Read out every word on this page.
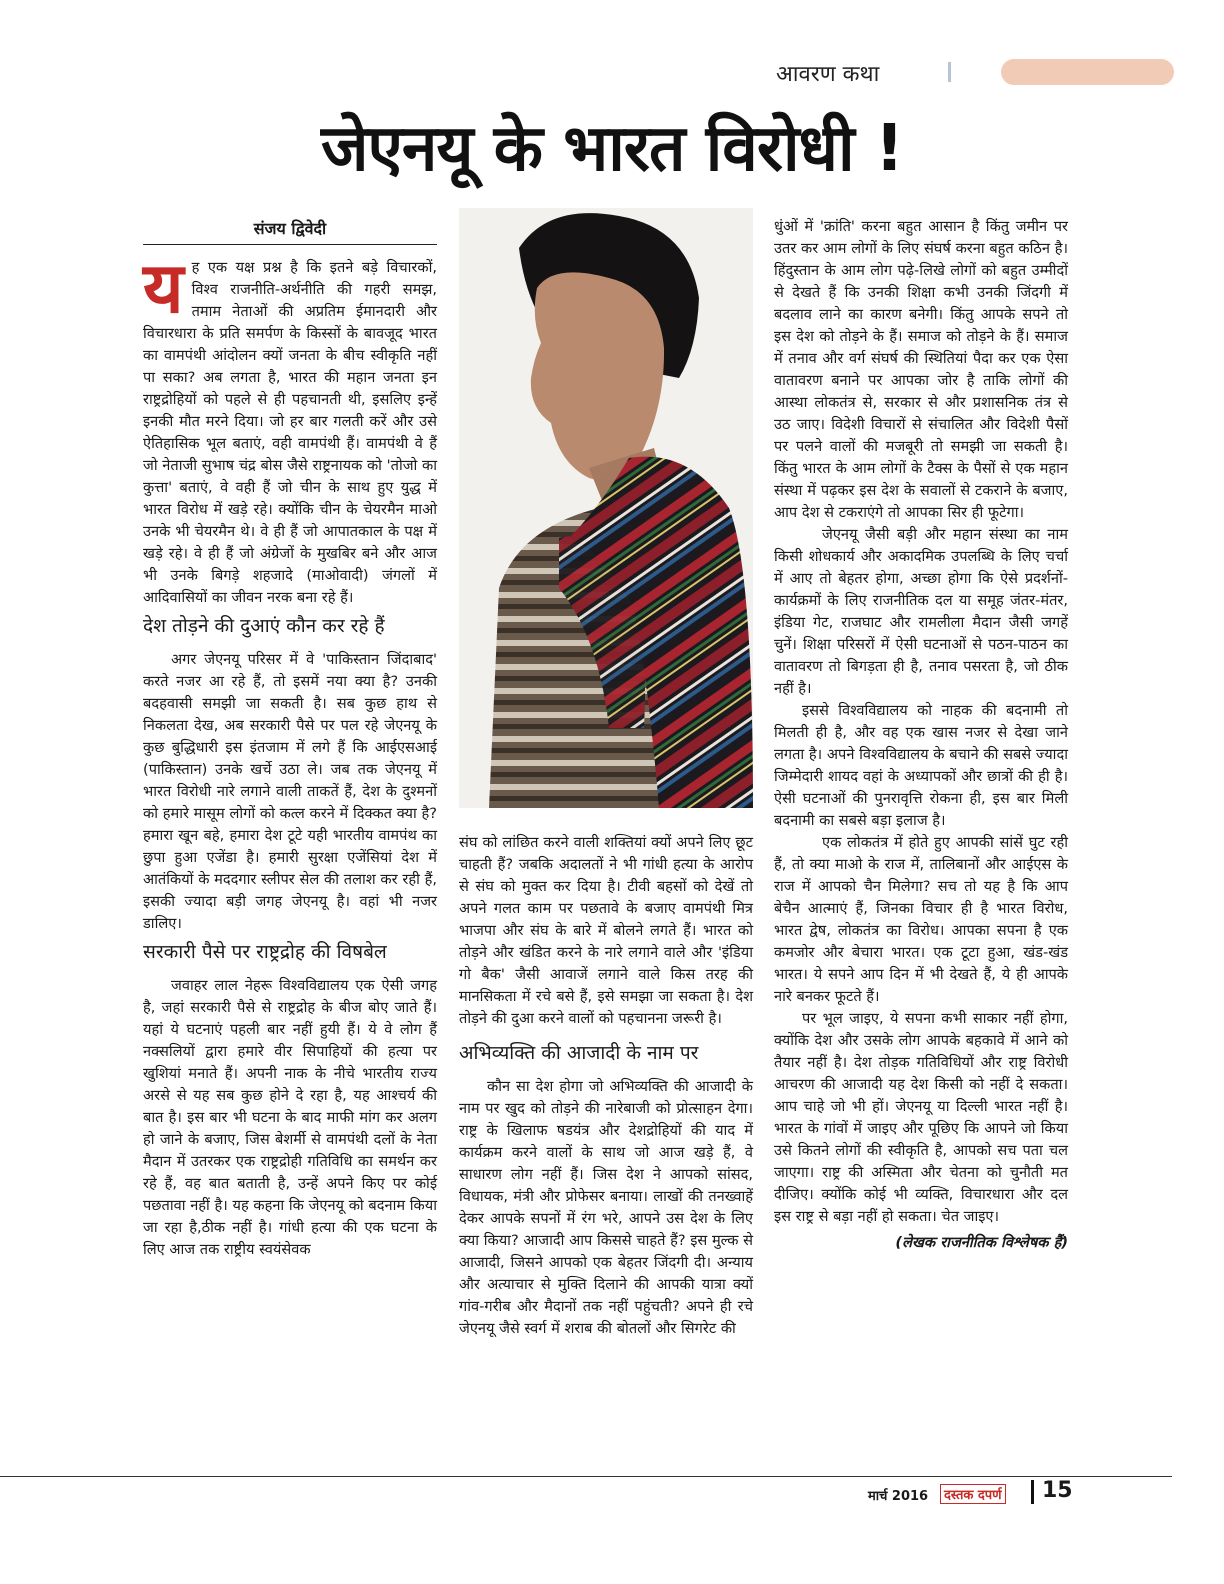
आवरण कथा
जेएनयू के भारत विरोधी !
संजय द्विवेदी

यह एक यक्ष प्रश्न है कि इतने बड़े विचारकों, विश्व राजनीति-अर्थनीति की गहरी समझ, तमाम नेताओं की अप्रतिम ईमानदारी और विचारधारा के प्रति समर्पण के किस्सों के बावजूद भारत का वामपंथी आंदोलन क्यों जनता के बीच स्वीकृति नहीं पा सका? अब लगता है, भारत की महान जनता इन राष्ट्रद्रोहियों को पहले से ही पहचानती थी, इसलिए इन्हें इनकी मौत मरने दिया। जो हर बार गलती करें और उसे ऐतिहासिक भूल बताएं, वही वामपंथी हैं। वामपंथी वे हैं जो नेताजी सुभाष चंद्र बोस जैसे राष्ट्रनायक को 'तोजो का कुत्ता' बताएं, वे वही हैं जो चीन के साथ हुए युद्ध में भारत विरोध में खड़े रहे। क्योंकि चीन के चेयरमैन माओ उनके भी चेयरमैन थे। वे ही हैं जो आपातकाल के पक्ष में खड़े रहे। वे ही हैं जो अंग्रेजों के मुखबिर बने और आज भी उनके बिगड़े शहजादे (माओवादी) जंगलों में आदिवासियों का जीवन नरक बना रहे हैं।

देश तोड़ने की दुआएं कौन कर रहे हैं

अगर जेएनयू परिसर में वे 'पाकिस्तान जिंदाबाद' करते नजर आ रहे हैं, तो इसमें नया क्या है? उनकी बदहवासी समझी जा सकती है। सब कुछ हाथ से निकलता देख, अब सरकारी पैसे पर पल रहे जेएनयू के कुछ बुद्धिधारी इस इंतजाम में लगे हैं कि आईएसआई (पाकिस्तान) उनके खर्चे उठा ले। जब तक जेएनयू में भारत विरोधी नारे लगाने वाली ताकतें हैं, देश के दुश्मनों को हमारे मासूम लोगों को कत्ल करने में दिक्कत क्या है? हमारा खून बहे, हमारा देश टूटे यही भारतीय वामपंथ का छुपा हुआ एजेंडा है। हमारी सुरक्षा एजेंसियां देश में आतंकियों के मददगार स्लीपर सेल की तलाश कर रही हैं, इसकी ज्यादा बड़ी जगह जेएनयू है। वहां भी नजर डालिए।

सरकारी पैसे पर राष्ट्रद्रोह की विषबेल

जवाहर लाल नेहरू विश्वविद्यालय एक ऐसी जगह है, जहां सरकारी पैसे से राष्ट्रद्रोह के बीज बोए जाते हैं। यहां ये घटनाएं पहली बार नहीं हुयी हैं। ये वे लोग हैं नक्सलियों द्वारा हमारे वीर सिपाहियों की हत्या पर खुशियां मनाते हैं। अपनी नाक के नीचे भारतीय राज्य अरसे से यह सब कुछ होने दे रहा है, यह आश्चर्य की बात है। इस बार भी घटना के बाद माफी मांग कर अलग हो जाने के बजाए, जिस बेशर्मी से वामपंथी दलों के नेता मैदान में उतरकर एक राष्ट्रद्रोही गतिविधि का समर्थन कर रहे हैं, वह बात बताती है, उन्हें अपने किए पर कोई पछतावा नहीं है। यह कहना कि जेएनयू को बदनाम किया जा रहा है,ठीक नहीं है। गांधी हत्या की एक घटना के लिए आज तक राष्ट्रीय स्वयंसेवक

संघ को लांछित करने वाली शक्तियां क्यों अपने लिए छूट चाहती हैं? जबकि अदालतों ने भी गांधी हत्या के आरोप से संघ को मुक्त कर दिया है। टीवी बहसों को देखें तो अपने गलत काम पर पछतावे के बजाए वामपंथी मित्र भाजपा और संघ के बारे में बोलने लगते हैं। भारत को तोड़ने और खंडित करने के नारे लगाने वाले और 'इंडिया गो बैक' जैसी आवाजें लगाने वाले किस तरह की मानसिकता में रचे बसे हैं, इसे समझा जा सकता है। देश तोड़ने की दुआ करने वालों को पहचानना जरूरी है।

अभिव्यक्ति की आजादी के नाम पर

कौन सा देश होगा जो अभिव्यक्ति की आजादी के नाम पर खुद को तोड़ने की नारेबाजी को प्रोत्साहन देगा। राष्ट्र के खिलाफ षडयंत्र और देशद्रोहियों की याद में कार्यक्रम करने वालों के साथ जो आज खड़े हैं, वे साधारण लोग नहीं हैं। जिस देश ने आपको सांसद, विधायक, मंत्री और प्रोफेसर बनाया। लाखों की तनख्वाहें देकर आपके सपनों में रंग भरे, आपने उस देश के लिए क्या किया? आजादी आप किससे चाहते हैं? इस मुल्क से आजादी, जिसने आपको एक बेहतर जिंदगी दी। अन्याय और अत्याचार से मुक्ति दिलाने की आपकी यात्रा क्यों गांव-गरीब और मैदानों तक नहीं पहुंचती? अपने ही रचे जेएनयू जैसे स्वर्ग में शराब की बोतलों और सिगरेट की

धुंओं में 'क्रांति' करना बहुत आसान है किंतु जमीन पर उतर कर आम लोगों के लिए संघर्ष करना बहुत कठिन है। हिंदुस्तान के आम लोग पढ़े-लिखे लोगों को बहुत उम्मीदों से देखते हैं कि उनकी शिक्षा कभी उनकी जिंदगी में बदलाव लाने का कारण बनेगी। किंतु आपके सपने तो इस देश को तोड़ने के हैं। समाज को तोड़ने के हैं। समाज में तनाव और वर्ग संघर्ष की स्थितियां पैदा कर एक ऐसा वातावरण बनाने पर आपका जोर है ताकि लोगों की आस्था लोकतंत्र से, सरकार से और प्रशासनिक तंत्र से उठ जाए। विदेशी विचारों से संचालित और विदेशी पैसों पर पलने वालों की मजबूरी तो समझी जा सकती है। किंतु भारत के आम लोगों के टैक्स के पैसों से एक महान संस्था में पढ़कर इस देश के सवालों से टकराने के बजाए, आप देश से टकराएंगे तो आपका सिर ही फूटेगा।

जेएनयू जैसी बड़ी और महान संस्था का नाम किसी शोधकार्य और अकादमिक उपलब्धि के लिए चर्चा में आए तो बेहतर होगा, अच्छा होगा कि ऐसे प्रदर्शनों-कार्यक्रमों के लिए राजनीतिक दल या समूह जंतर-मंतर, इंडिया गेट, राजघाट और रामलीला मैदान जैसी जगहें चुनें। शिक्षा परिसरों में ऐसी घटनाओं से पठन-पाठन का वातावरण तो बिगड़ता ही है, तनाव पसरता है, जो ठीक नहीं है।

इससे विश्वविद्यालय को नाहक की बदनामी तो मिलती ही है, और वह एक खास नजर से देखा जाने लगता है। अपने विश्वविद्यालय के बचाने की सबसे ज्यादा जिम्मेदारी शायद वहां के अध्यापकों और छात्रों की ही है। ऐसी घटनाओं की पुनरावृत्ति रोकना ही, इस बार मिली बदनामी का सबसे बड़ा इलाज है।

एक लोकतंत्र में होते हुए आपकी सांसें घुट रही हैं, तो क्या माओ के राज में, तालिबानों और आईएस के राज में आपको चैन मिलेगा? सच तो यह है कि आप बेचैन आत्माएं हैं, जिनका विचार ही है भारत विरोध, भारत द्वेष, लोकतंत्र का विरोध। आपका सपना है एक कमजोर और बेचारा भारत। एक टूटा हुआ, खंड-खंड भारत। ये सपने आप दिन में भी देखते हैं, ये ही आपके नारे बनकर फूटते हैं।

पर भूल जाइए, ये सपना कभी साकार नहीं होगा, क्योंकि देश और उसके लोग आपके बहकावे में आने को तैयार नहीं है। देश तोड़क गतिविधियों और राष्ट्र विरोधी आचरण की आजादी यह देश किसी को नहीं दे सकता। आप चाहे जो भी हों। जेएनयू या दिल्ली भारत नहीं है। भारत के गांवों में जाइए और पूछिए कि आपने जो किया उसे कितने लोगों की स्वीकृति है, आपको सच पता चल जाएगा। राष्ट्र की अस्मिता और चेतना को चुनौती मत दीजिए। क्योंकि कोई भी व्यक्ति, विचारधारा और दल इस राष्ट्र से बड़ा नहीं हो सकता। चेत जाइए।

(लेखक राजनीतिक विश्लेषक हैं)
मार्च 2016	दस्तक दपर्ण 15
